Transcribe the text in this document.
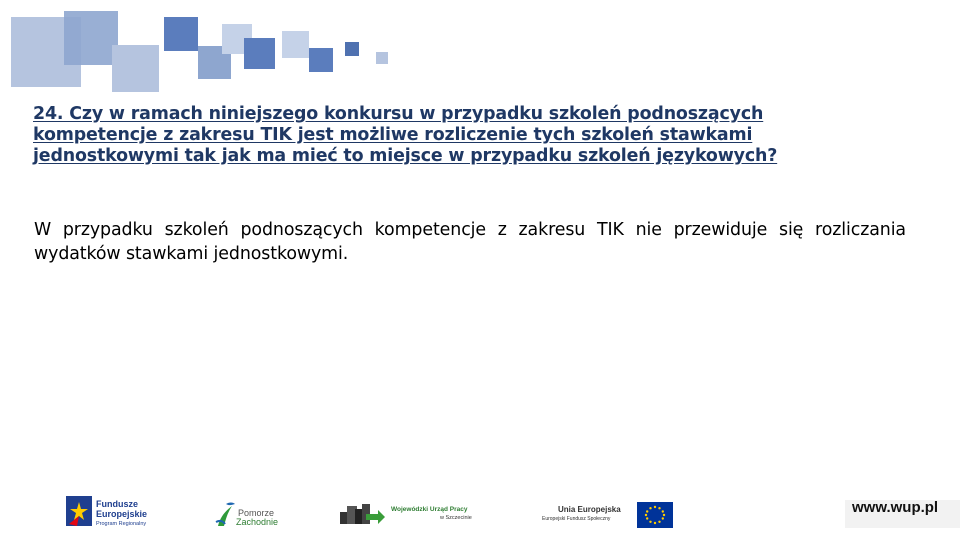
24. Czy w ramach niniejszego konkursu w przypadku szkoleń podnoszących kompetencje z zakresu TIK jest możliwe rozliczenie tych szkoleń stawkami jednostkowymi tak jak ma mieć to miejsce w przypadku szkoleń językowych?

W przypadku szkoleń podnoszących kompetencje z zakresu TIK nie przewiduje się rozliczania wydatków stawkami jednostkowymi.

Fundusze
Europejskie
Program Regionalny
Pomorze
Zachodnie
Wojewódzki Urząd Pracy
w Szczecinie
Unia Europejska
Europejski Fundusz Społeczny

www.wup.pl
